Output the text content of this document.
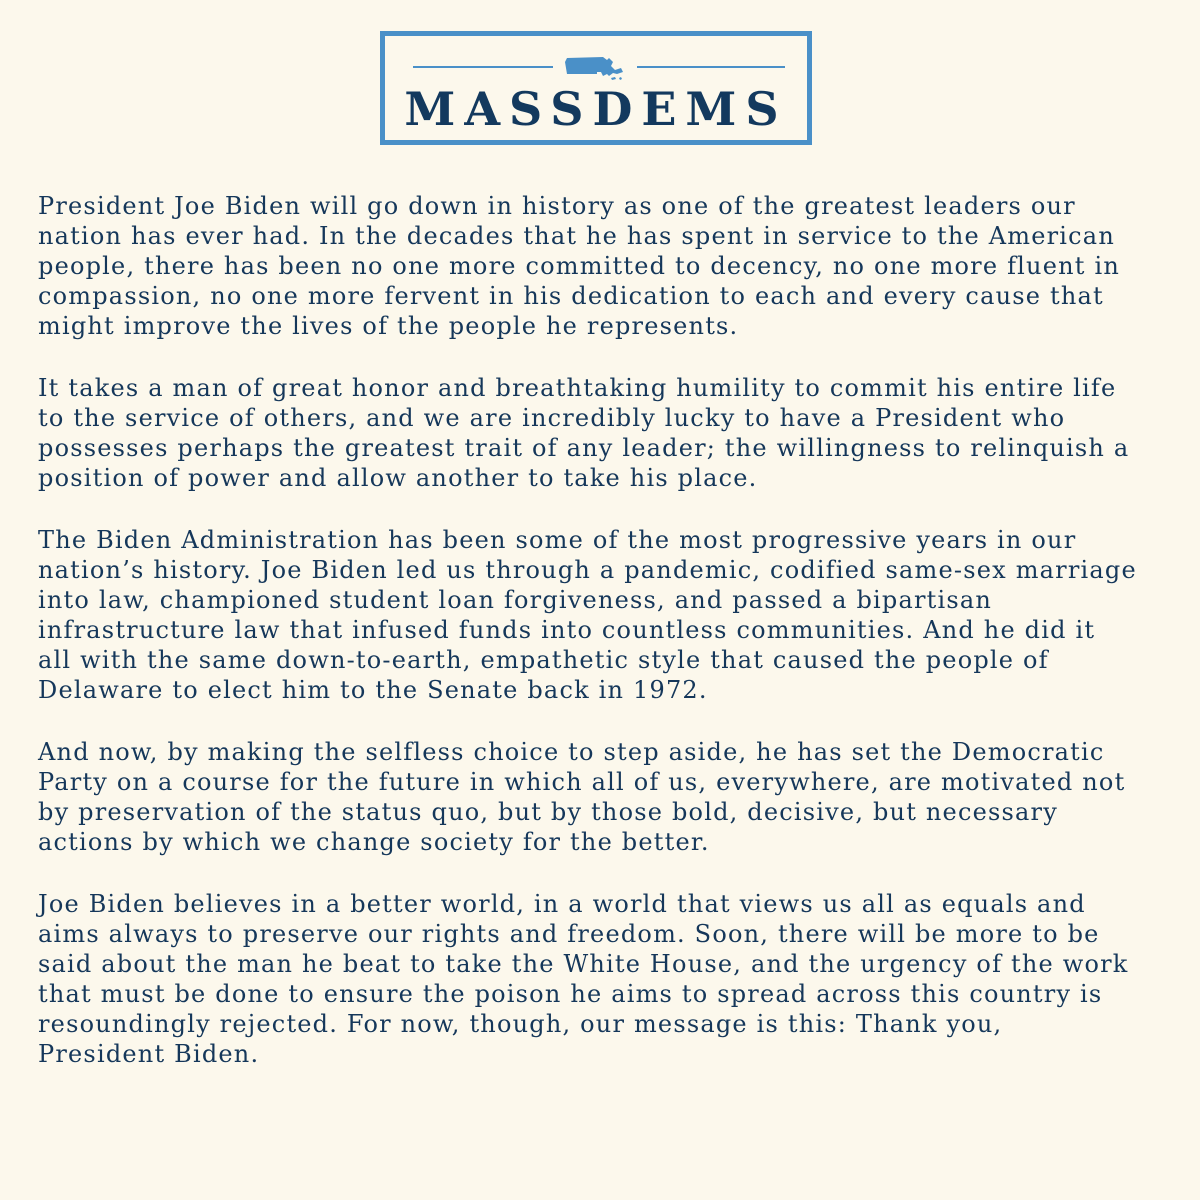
MASSDEMS

President Joe Biden will go down in history as one of the greatest leaders our
nation has ever had. In the decades that he has spent in service to the American
people, there has been no one more committed to decency, no one more fluent in
compassion, no one more fervent in his dedication to each and every cause that
might improve the lives of the people he represents.

It takes a man of great honor and breathtaking humility to commit his entire life
to the service of others, and we are incredibly lucky to have a President who
possesses perhaps the greatest trait of any leader; the willingness to relinquish a
position of power and allow another to take his place.

The Biden Administration has been some of the most progressive years in our
nation’s history. Joe Biden led us through a pandemic, codified same-sex marriage
into law, championed student loan forgiveness, and passed a bipartisan
infrastructure law that infused funds into countless communities. And he did it
all with the same down-to-earth, empathetic style that caused the people of
Delaware to elect him to the Senate back in 1972.

And now, by making the selfless choice to step aside, he has set the Democratic
Party on a course for the future in which all of us, everywhere, are motivated not
by preservation of the status quo, but by those bold, decisive, but necessary
actions by which we change society for the better.

Joe Biden believes in a better world, in a world that views us all as equals and
aims always to preserve our rights and freedom. Soon, there will be more to be
said about the man he beat to take the White House, and the urgency of the work
that must be done to ensure the poison he aims to spread across this country is
resoundingly rejected. For now, though, our message is this: Thank you,
President Biden.
